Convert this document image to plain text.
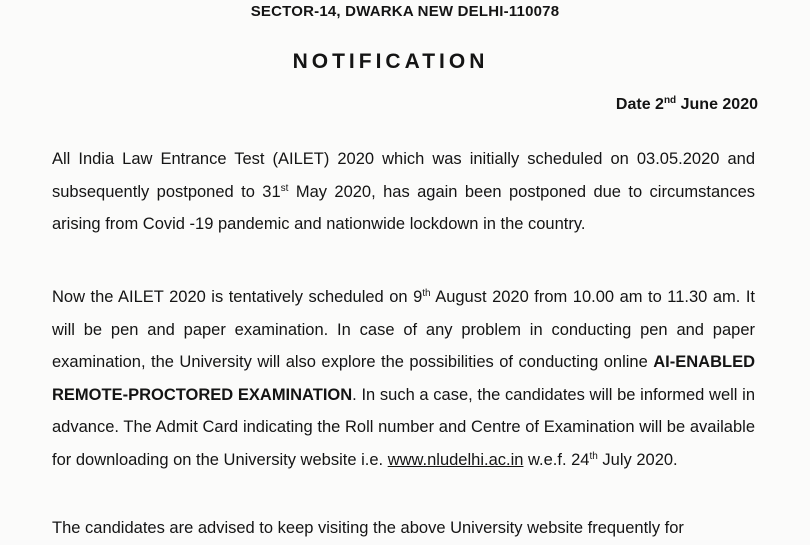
SECTOR-14, DWARKA NEW DELHI-110078
NOTIFICATION
Date 2nd June 2020
All India Law Entrance Test (AILET) 2020 which was initially scheduled on 03.05.2020 and subsequently postponed to 31st May 2020, has again been postponed due to circumstances arising from Covid -19 pandemic and nationwide lockdown in the country.
Now the AILET 2020 is tentatively scheduled on 9th August 2020 from 10.00 am to 11.30 am. It will be pen and paper examination. In case of any problem in conducting pen and paper examination, the University will also explore the possibilities of conducting online AI-ENABLED REMOTE-PROCTORED EXAMINATION. In such a case, the candidates will be informed well in advance. The Admit Card indicating the Roll number and Centre of Examination will be available for downloading on the University website i.e. www.nludelhi.ac.in w.e.f. 24th July 2020.
The candidates are advised to keep visiting the above University website frequently for
